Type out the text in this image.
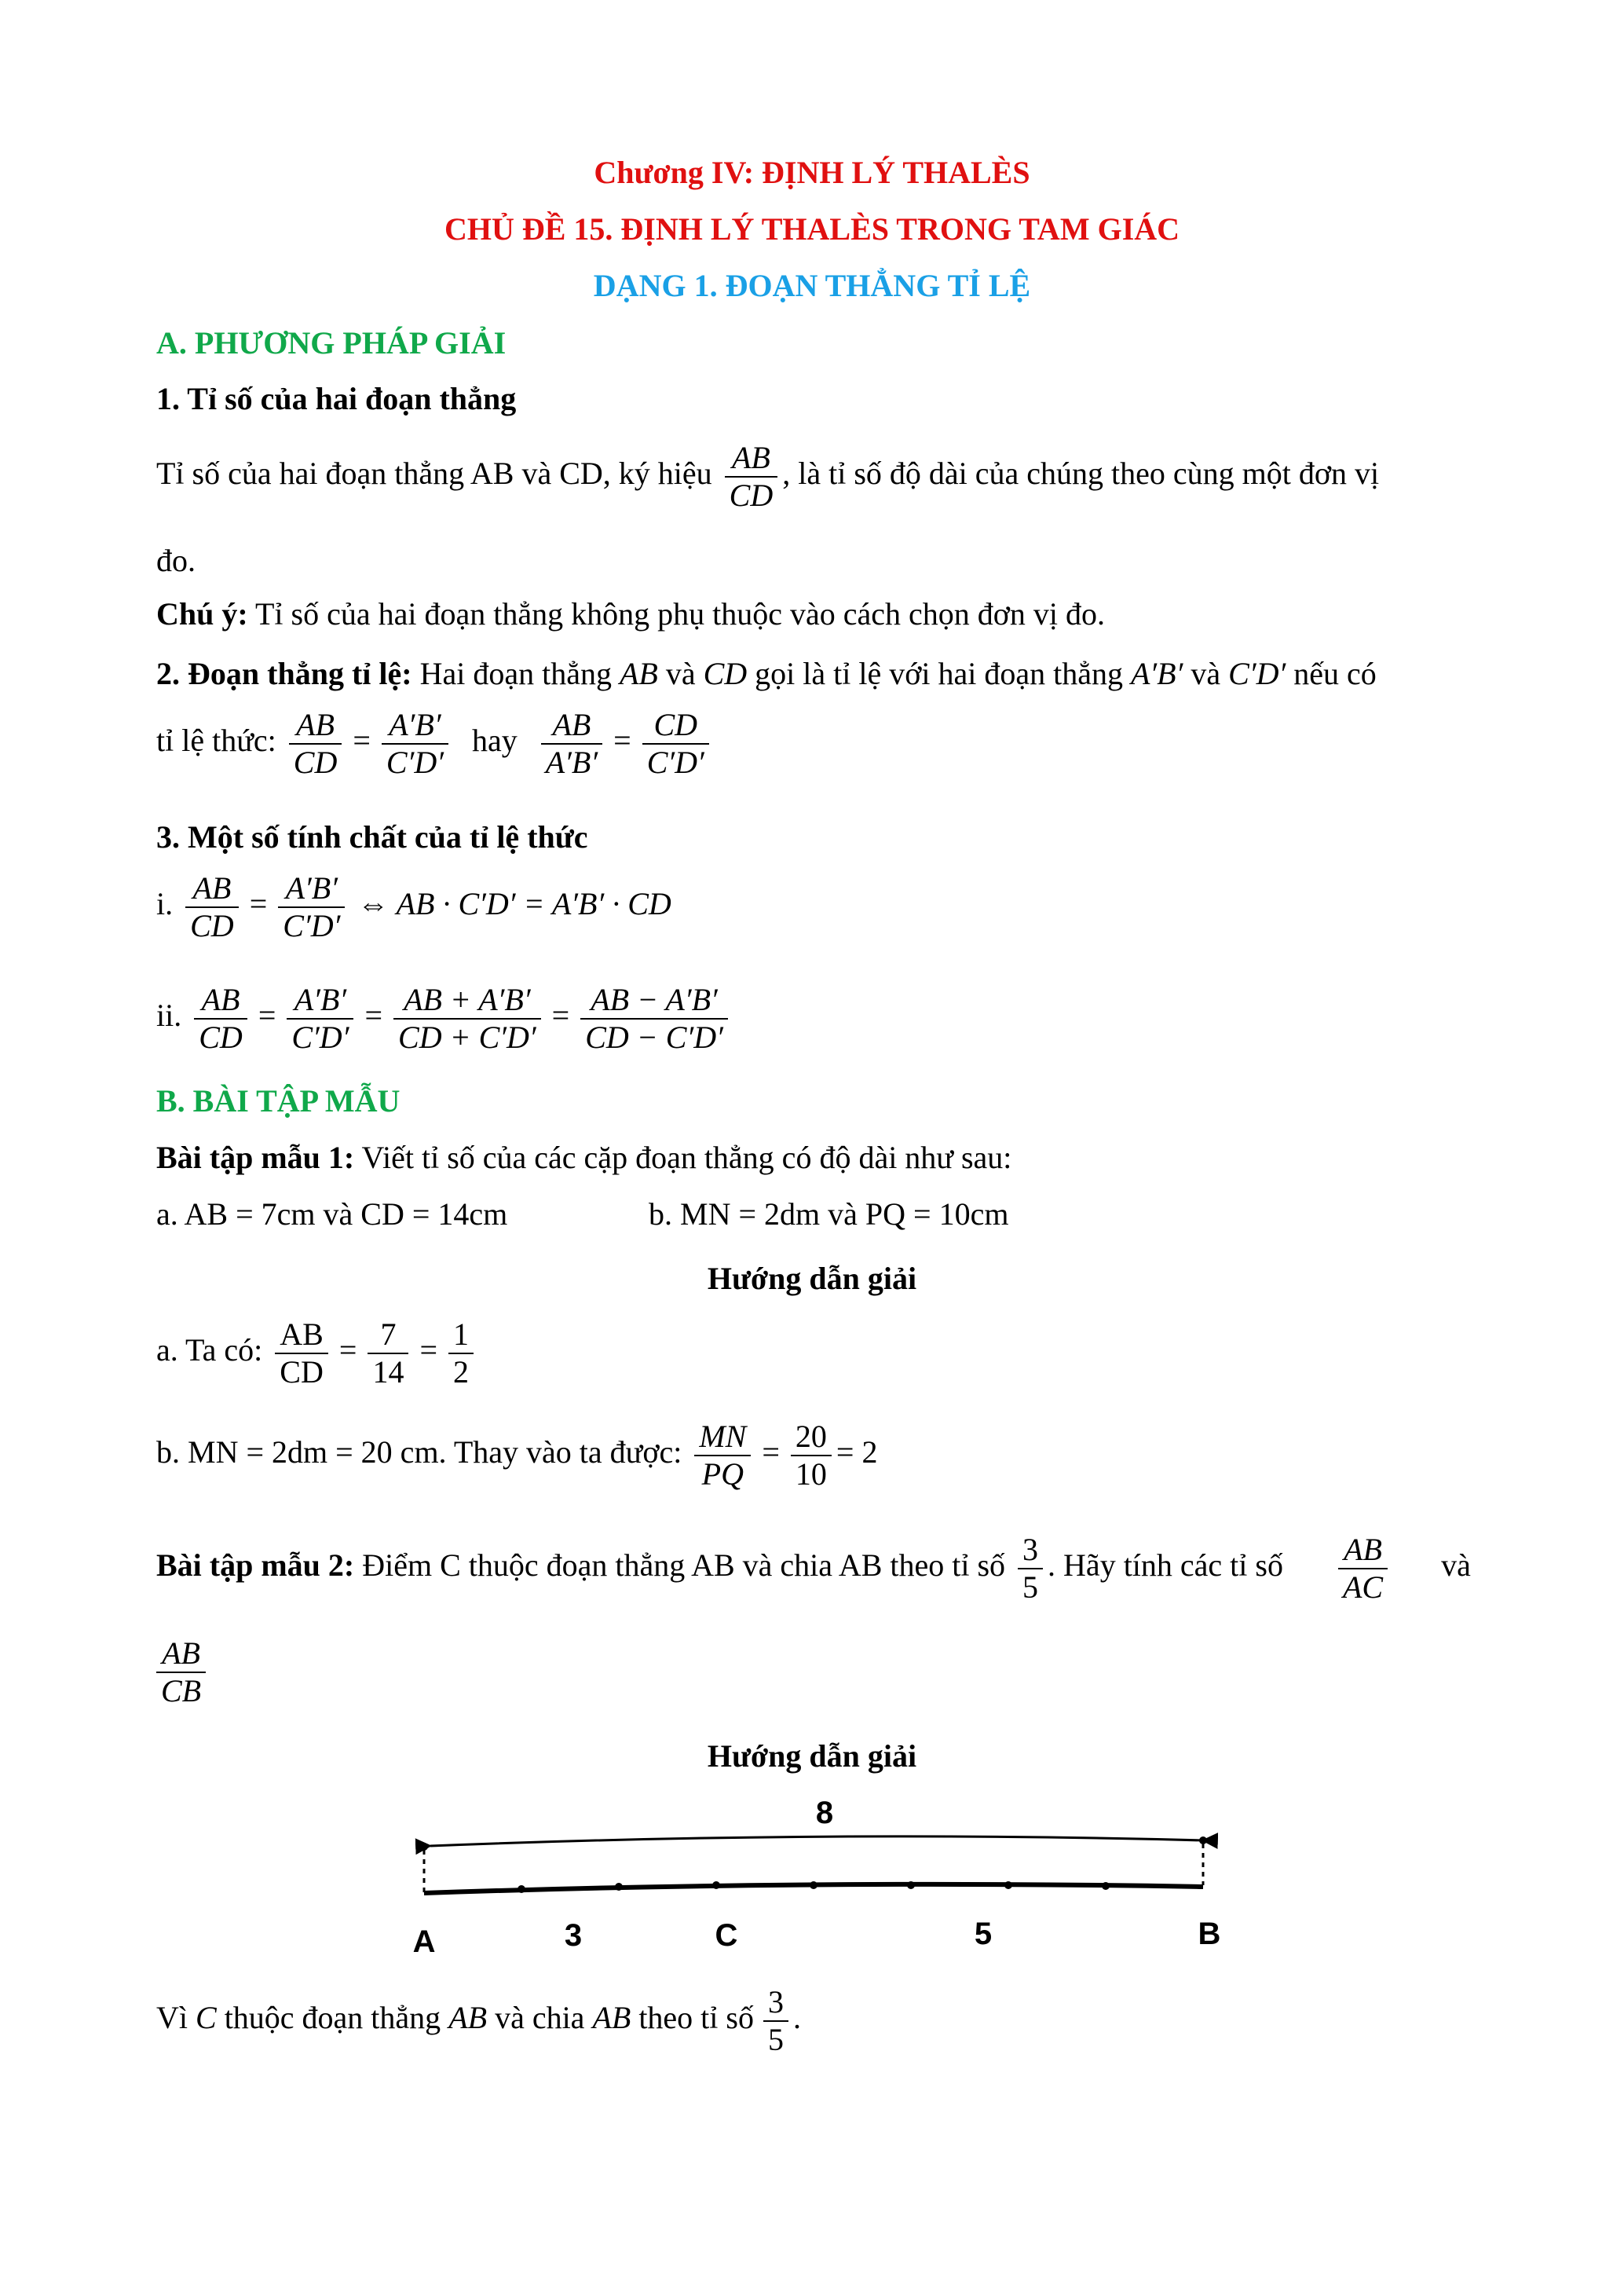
Chương IV: ĐỊNH LÝ THALÈS
CHỦ ĐỀ 15. ĐỊNH LÝ THALÈS TRONG TAM GIÁC
DẠNG 1. ĐOẠN THẲNG TỈ LỆ
A. PHƯƠNG PHÁP GIẢI
1. Tỉ số của hai đoạn thẳng
Tỉ số của hai đoạn thẳng AB và CD, ký hiệu $\frac{AB}{CD}$ , là tỉ số độ dài của chúng theo cùng một đơn vị
đo.
Chú ý: Tỉ số của hai đoạn thẳng không phụ thuộc vào cách chọn đơn vị đo.
2. Đoạn thẳng tỉ lệ: Hai đoạn thẳng AB và CD gọi là tỉ lệ với hai đoạn thẳng A′B′ và C′D′ nếu có
tỉ lệ thức: $\frac{AB}{CD} = \frac{A'B'}{C'D'}$ hay $\frac{AB}{A'B'} = \frac{CD}{C'D'}$
3. Một số tính chất của tỉ lệ thức
i. $\frac{AB}{CD} = \frac{A'B'}{C'D'}$ ⇔ AB · C′D′ = A′B′ · CD
ii. $\frac{AB}{CD} = \frac{A'B'}{C'D'} = \frac{AB + A'B'}{CD + C'D'} = \frac{AB - A'B'}{CD - C'D'}$
B. BÀI TẬP MẪU
Bài tập mẫu 1: Viết tỉ số của các cặp đoạn thẳng có độ dài như sau:
a. AB = 7cm và CD = 14cm	b. MN = 2dm và PQ = 10cm
Hướng dẫn giải
a. Ta có: $\frac{AB}{CD} = \frac{7}{14} = \frac{1}{2}$
b. MN = 2dm = 20 cm. Thay vào ta được: $\frac{MN}{PQ} = \frac{20}{10} = 2$
Bài tập mẫu 2: Điểm C thuộc đoạn thẳng AB và chia AB theo tỉ số $\frac{3}{5}$ . Hãy tính các tỉ số $\frac{AB}{AC}$ và
$\frac{AB}{CB}$
Hướng dẫn giải
8
A	3	C	5	B
Vì C thuộc đoạn thẳng AB và chia AB theo tỉ số $\frac{3}{5}$ .
